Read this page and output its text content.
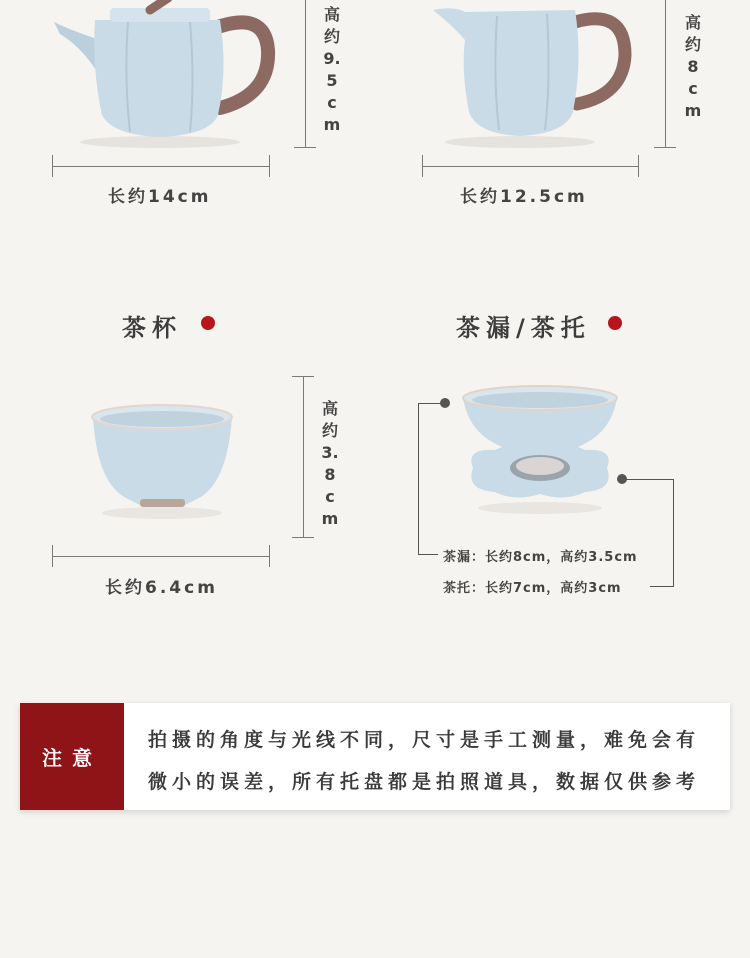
长约14cm
高约9.5cm
长约12.5cm
高约8cm
茶杯
长约6.4cm
高约3.8cm
茶漏/茶托
茶漏：长约8cm，高约3.5cm
茶托：长约7cm，高约3cm
注意
拍摄的角度与光线不同，尺寸是手工测量，难免会有
微小的误差，所有托盘都是拍照道具，数据仅供参考
